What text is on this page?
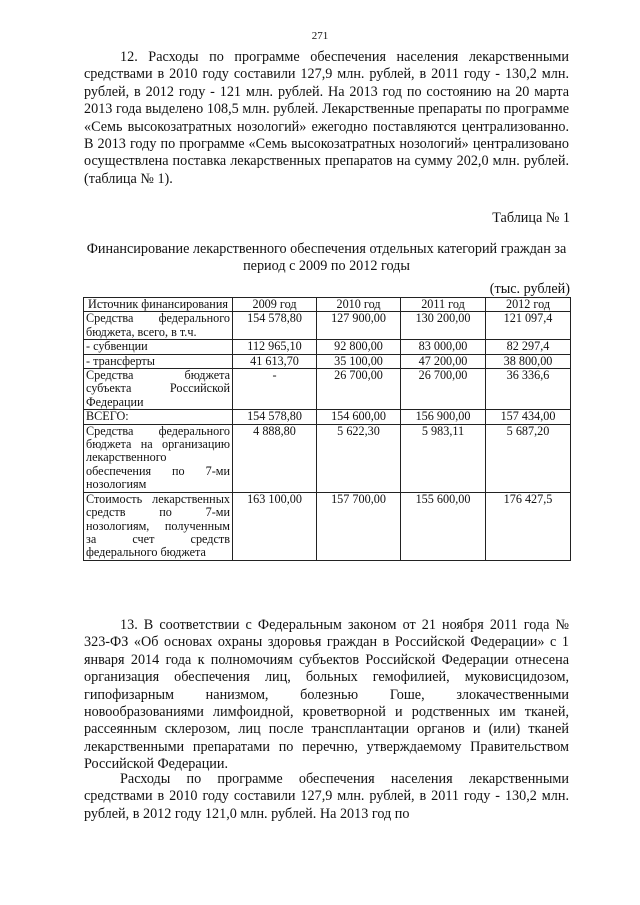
271

12. Расходы по программе обеспечения населения лекарственными средствами в 2010 году составили 127,9 млн. рублей, в 2011 году - 130,2 млн. рублей, в 2012 году - 121 млн. рублей. На 2013 год по состоянию на 20 марта 2013 года выделено 108,5 млн. рублей. Лекарственные препараты по программе «Семь высокозатратных нозологий» ежегодно поставляются централизованно. В 2013 году по программе «Семь высокозатратных нозологий» централизовано осуществлена поставка лекарственных препаратов на сумму 202,0 млн. рублей. (таблица № 1).

Таблица № 1

Финансирование лекарственного обеспечения отдельных категорий граждан за период с 2009 по 2012 годы

(тыс. рублей)
Источник финансирования	2009 год	2010 год	2011 год	2012 год
Средства федерального бюджета, всего, в т.ч.	154 578,80	127 900,00	130 200,00	121 097,4
- субвенции	112 965,10	92 800,00	83 000,00	82 297,4
- трансферты	41 613,70	35 100,00	47 200,00	38 800,00
Средства бюджета субъекта Российской Федерации	-	26 700,00	26 700,00	36 336,6
ВСЕГО:	154 578,80	154 600,00	156 900,00	157 434,00
Средства федерального бюджета на организацию лекарственного обеспечения по 7-ми нозологиям	4 888,80	5 622,30	5 983,11	5 687,20
Стоимость лекарственных средств по 7-ми нозологиям, полученным за счет средств федерального бюджета	163 100,00	157 700,00	155 600,00	176 427,5

13. В соответствии с Федеральным законом от 21 ноября 2011 года № 323-ФЗ «Об основах охраны здоровья граждан в Российской Федерации» с 1 января 2014 года к полномочиям субъектов Российской Федерации отнесена организация обеспечения лиц, больных гемофилией, муковисцидозом, гипофизарным нанизмом, болезнью Гоше, злокачественными новообразованиями лимфоидной, кроветворной и родственных им тканей, рассеянным склерозом, лиц после трансплантации органов и (или) тканей лекарственными препаратами по перечню, утверждаемому Правительством Российской Федерации.

Расходы по программе обеспечения населения лекарственными средствами в 2010 году составили 127,9 млн. рублей, в 2011 году - 130,2 млн. рублей, в 2012 году 121,0 млн. рублей. На 2013 год по
